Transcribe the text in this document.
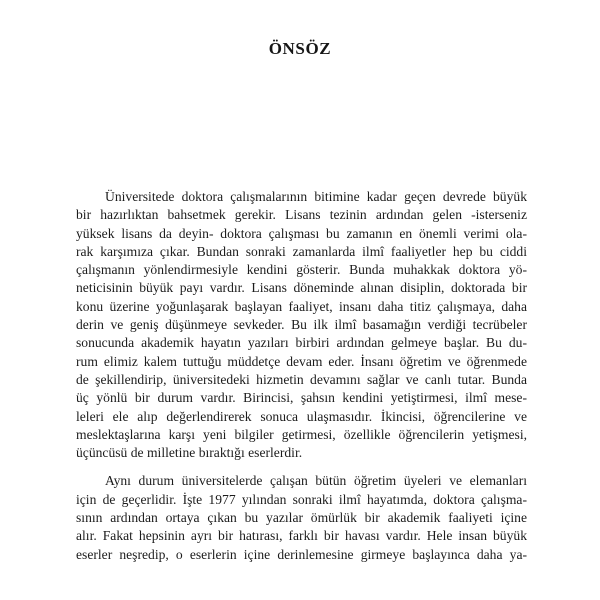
ÖNSÖZ
Üniversitede doktora çalışmalarının bitimine kadar geçen devrede büyük
bir hazırlıktan bahsetmek gerekir. Lisans tezinin ardından gelen -isterseniz
yüksek lisans da deyin- doktora çalışması bu zamanın en önemli verimi ola-
rak karşımıza çıkar. Bundan sonraki zamanlarda ilmî faaliyetler hep bu ciddi
çalışmanın yönlendirmesiyle kendini gösterir. Bunda muhakkak doktora yö-
neticisinin büyük payı vardır. Lisans döneminde alınan disiplin, doktorada bir
konu üzerine yoğunlaşarak başlayan faaliyet, insanı daha titiz çalışmaya, daha
derin ve geniş düşünmeye sevkeder. Bu ilk ilmî basamağın verdiği tecrübeler
sonucunda akademik hayatın yazıları birbiri ardından gelmeye başlar. Bu du-
rum elimiz kalem tuttuğu müddetçe devam eder. İnsanı öğretim ve öğrenmede
de şekillendirip, üniversitedeki hizmetin devamını sağlar ve canlı tutar. Bunda
üç yönlü bir durum vardır. Birincisi, şahsın kendini yetiştirmesi, ilmî mese-
leleri ele alıp değerlendirerek sonuca ulaşmasıdır. İkincisi, öğrencilerine ve
meslektaşlarına karşı yeni bilgiler getirmesi, özellikle öğrencilerin yetişmesi,
üçüncüsü de milletine bıraktığı eserlerdir.
Aynı durum üniversitelerde çalışan bütün öğretim üyeleri ve elemanları
için de geçerlidir. İşte 1977 yılından sonraki ilmî hayatımda, doktora çalışma-
sının ardından ortaya çıkan bu yazılar ömürlük bir akademik faaliyeti içine
alır. Fakat hepsinin ayrı bir hatırası, farklı bir havası vardır. Hele insan büyük
eserler neşredip, o eserlerin içine derinlemesine girmeye başlayınca daha ya-
